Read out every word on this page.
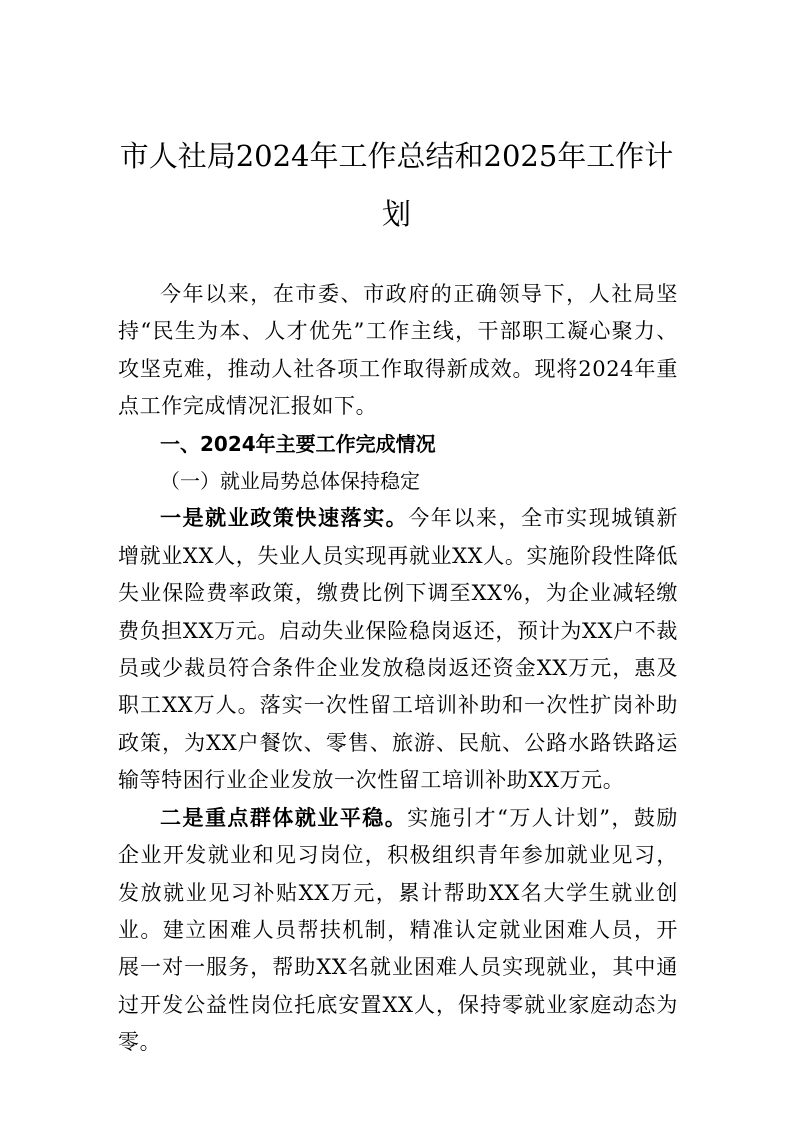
市人社局2024年工作总结和2025年工作计
划

今年以来，在市委、市政府的正确领导下，人社局坚持“民生为本、人才优先”工作主线，干部职工凝心聚力、攻坚克难，推动人社各项工作取得新成效。现将2024年重点工作完成情况汇报如下。

一、2024年主要工作完成情况

（一）就业局势总体保持稳定

一是就业政策快速落实。今年以来，全市实现城镇新增就业XX人，失业人员实现再就业XX人。实施阶段性降低失业保险费率政策，缴费比例下调至XX%，为企业减轻缴费负担XX万元。启动失业保险稳岗返还，预计为XX户不裁员或少裁员符合条件企业发放稳岗返还资金XX万元，惠及职工XX万人。落实一次性留工培训补助和一次性扩岗补助政策，为XX户餐饮、零售、旅游、民航、公路水路铁路运输等特困行业企业发放一次性留工培训补助XX万元。

二是重点群体就业平稳。实施引才“万人计划”，鼓励企业开发就业和见习岗位，积极组织青年参加就业见习，发放就业见习补贴XX万元，累计帮助XX名大学生就业创业。建立困难人员帮扶机制，精准认定就业困难人员，开展一对一服务，帮助XX名就业困难人员实现就业，其中通过开发公益性岗位托底安置XX人，保持零就业家庭动态为零。
